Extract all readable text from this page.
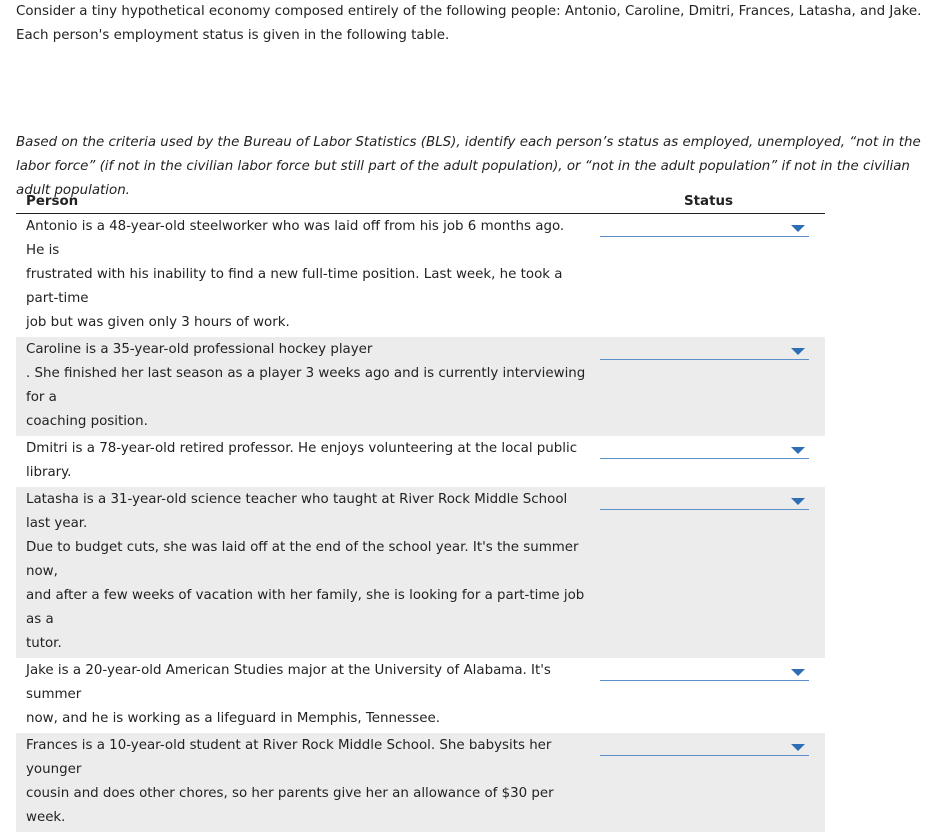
Consider a tiny hypothetical economy composed entirely of the following people: Antonio, Caroline, Dmitri, Frances, Latasha, and Jake. Each person's employment status is given in the following table.

Based on the criteria used by the Bureau of Labor Statistics (BLS), identify each person’s status as employed, unemployed, “not in the labor force” (if not in the civilian labor force but still part of the adult population), or “not in the adult population” if not in the civilian adult population.

Person	Status
Antonio is a 48-year-old steelworker who was laid off from his job 6 months ago. He is
frustrated with his inability to find a new full-time position. Last week, he took a part-time
job but was given only 3 hours of work.
Caroline is a 35-year-old professional hockey player
. She finished her last season as a player 3 weeks ago and is currently interviewing for a
coaching position.
Dmitri is a 78-year-old retired professor. He enjoys volunteering at the local public library.
Latasha is a 31-year-old science teacher who taught at River Rock Middle School last year.
Due to budget cuts, she was laid off at the end of the school year. It's the summer now,
and after a few weeks of vacation with her family, she is looking for a part-time job as a
tutor.
Jake is a 20-year-old American Studies major at the University of Alabama. It's summer
now, and he is working as a lifeguard in Memphis, Tennessee.
Frances is a 10-year-old student at River Rock Middle School. She babysits her younger
cousin and does other chores, so her parents give her an allowance of $30 per week.
